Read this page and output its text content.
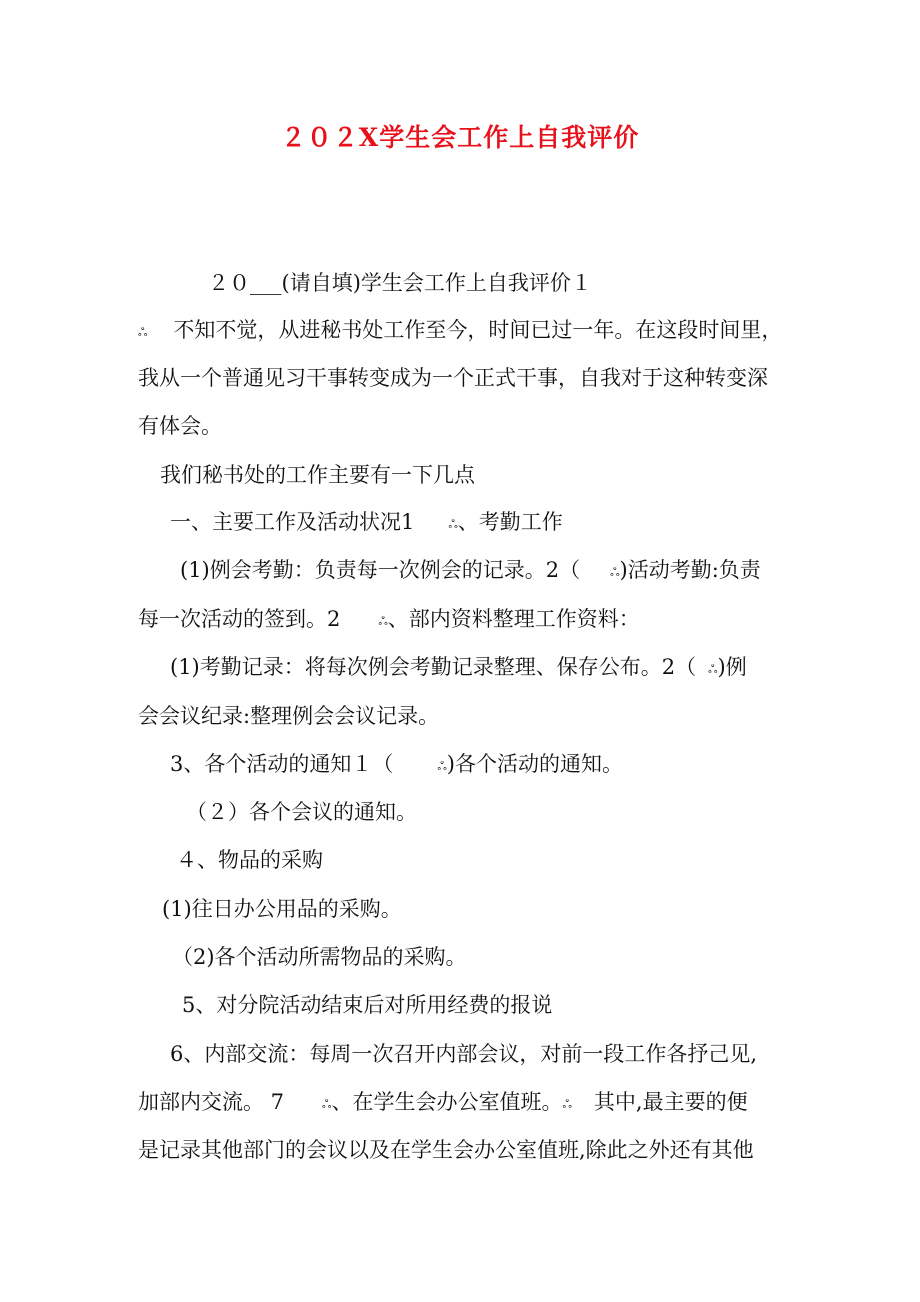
２０２X学生会工作上自我评价
２０___(请自填)学生会工作上自我评价１
ஃ 不知不觉，从进秘书处工作至今，时间已过一年。在这段时间里，
我从一个普通见习干事转变成为一个正式干事，自我对于这种转变深
有体会。
我们秘书处的工作主要有一下几点
一、主要工作及活动状况1	ஃ、考勤工作
(1)例会考勤：负责每一次例会的记录。2（	ஃ)活动考勤:负责
每一次活动的签到。2	ஃ、部内资料整理工作资料：
(1)考勤记录：将每次例会考勤记录整理、保存公布。2（ ஃ)例
会会议纪录:整理例会会议记录。
3、各个活动的通知１（	ஃ)各个活动的通知。
（２）各个会议的通知。
４、物品的采购
(1)往日办公用品的采购。
（2)各个活动所需物品的采购。
5、对分院活动结束后对所用经费的报说
6、内部交流：每周一次召开内部会议，对前一段工作各抒己见,
加部内交流。 7	ஃ、在学生会办公室值班。ஃ 其中,最主要的便
是记录其他部门的会议以及在学生会办公室值班,除此之外还有其他
